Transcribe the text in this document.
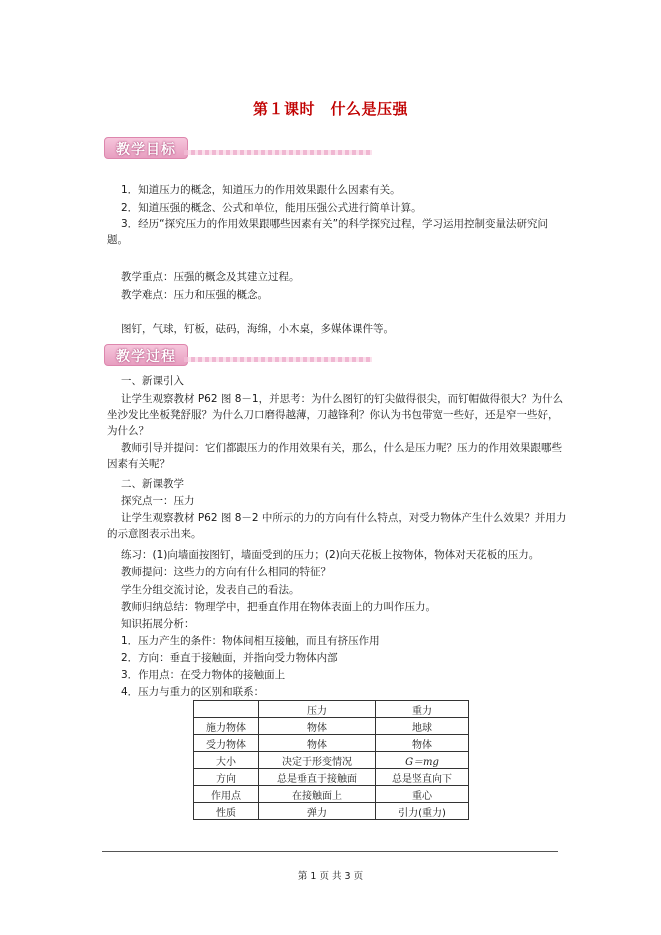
第１课时　什么是压强
教学目标
1．知道压力的概念，知道压力的作用效果跟什么因素有关。
2．知道压强的概念、公式和单位，能用压强公式进行简单计算。
3．经历“探究压力的作用效果跟哪些因素有关”的科学探究过程，学习运用控制变量法研究问题。
教学重点：压强的概念及其建立过程。
教学难点：压力和压强的概念。
图钉，气球，钉板，砝码，海绵，小木桌，多媒体课件等。
教学过程
一、新课引入
让学生观察教材 P62 图 8－1，并思考：为什么图钉的钉尖做得很尖，而钉帽做得很大？为什么坐沙发比坐板凳舒服？为什么刀口磨得越薄，刀越锋利？你认为书包带宽一些好，还是窄一些好，为什么？
教师引导并提问：它们都跟压力的作用效果有关，那么，什么是压力呢？压力的作用效果跟哪些因素有关呢？
二、新课教学
探究点一：压力
让学生观察教材 P62 图 8－2 中所示的力的方向有什么特点，对受力物体产生什么效果？并用力的示意图表示出来。
练习：(1)向墙面按图钉，墙面受到的压力；(2)向天花板上按物体，物体对天花板的压力。
教师提问：这些力的方向有什么相同的特征？
学生分组交流讨论，发表自己的看法。
教师归纳总结：物理学中，把垂直作用在物体表面上的力叫作压力。
知识拓展分析：
1．压力产生的条件：物体间相互接触，而且有挤压作用
2．方向：垂直于接触面，并指向受力物体内部
3．作用点：在受力物体的接触面上
4．压力与重力的区别和联系：
	压力	重力
施力物体	物体	地球
受力物体	物体	物体
大小	决定于形变情况	G＝mg
方向	总是垂直于接触面	总是竖直向下
作用点	在接触面上	重心
性质	弹力	引力(重力)
第 1 页 共 3 页
